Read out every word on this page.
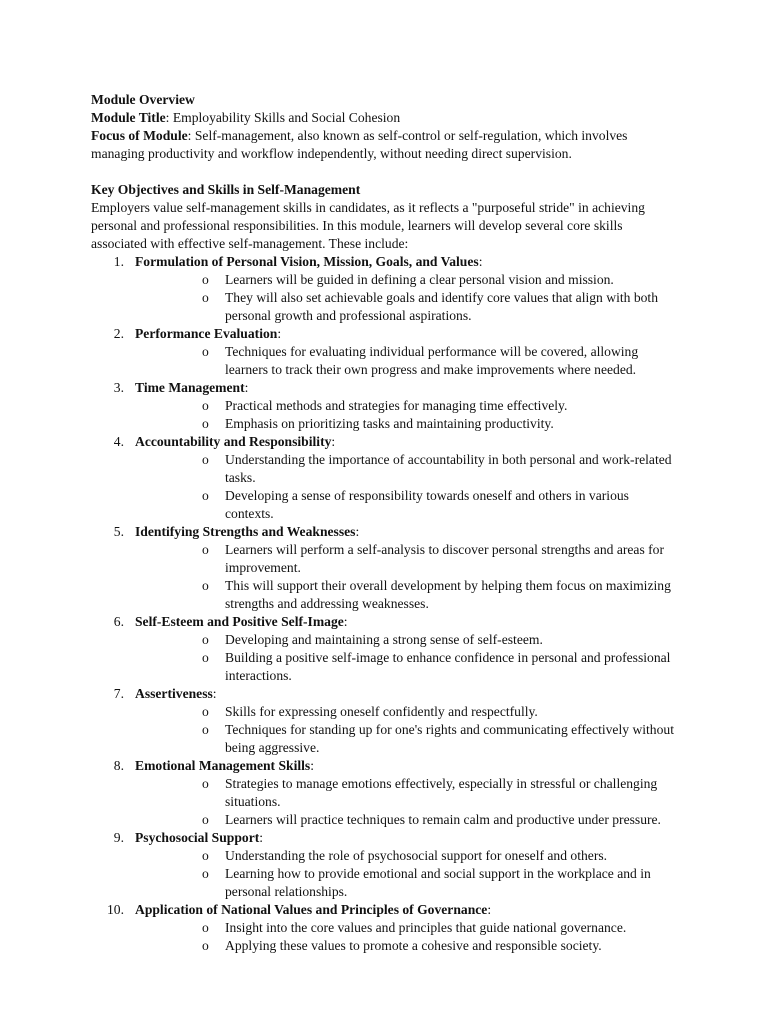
Module Overview

Module Title: Employability Skills and Social Cohesion

Focus of Module: Self-management, also known as self-control or self-regulation, which involves managing productivity and workflow independently, without needing direct supervision.

Key Objectives and Skills in Self-Management

Employers value self-management skills in candidates, as it reflects a "purposeful stride" in achieving personal and professional responsibilities. In this module, learners will develop several core skills associated with effective self-management. These include:

1. Formulation of Personal Vision, Mission, Goals, and Values:
o Learners will be guided in defining a clear personal vision and mission.
o They will also set achievable goals and identify core values that align with both personal growth and professional aspirations.
2. Performance Evaluation:
o Techniques for evaluating individual performance will be covered, allowing learners to track their own progress and make improvements where needed.
3. Time Management:
o Practical methods and strategies for managing time effectively.
o Emphasis on prioritizing tasks and maintaining productivity.
4. Accountability and Responsibility:
o Understanding the importance of accountability in both personal and work-related tasks.
o Developing a sense of responsibility towards oneself and others in various contexts.
5. Identifying Strengths and Weaknesses:
o Learners will perform a self-analysis to discover personal strengths and areas for improvement.
o This will support their overall development by helping them focus on maximizing strengths and addressing weaknesses.
6. Self-Esteem and Positive Self-Image:
o Developing and maintaining a strong sense of self-esteem.
o Building a positive self-image to enhance confidence in personal and professional interactions.
7. Assertiveness:
o Skills for expressing oneself confidently and respectfully.
o Techniques for standing up for one's rights and communicating effectively without being aggressive.
8. Emotional Management Skills:
o Strategies to manage emotions effectively, especially in stressful or challenging situations.
o Learners will practice techniques to remain calm and productive under pressure.
9. Psychosocial Support:
o Understanding the role of psychosocial support for oneself and others.
o Learning how to provide emotional and social support in the workplace and in personal relationships.
10. Application of National Values and Principles of Governance:
o Insight into the core values and principles that guide national governance.
o Applying these values to promote a cohesive and responsible society.
